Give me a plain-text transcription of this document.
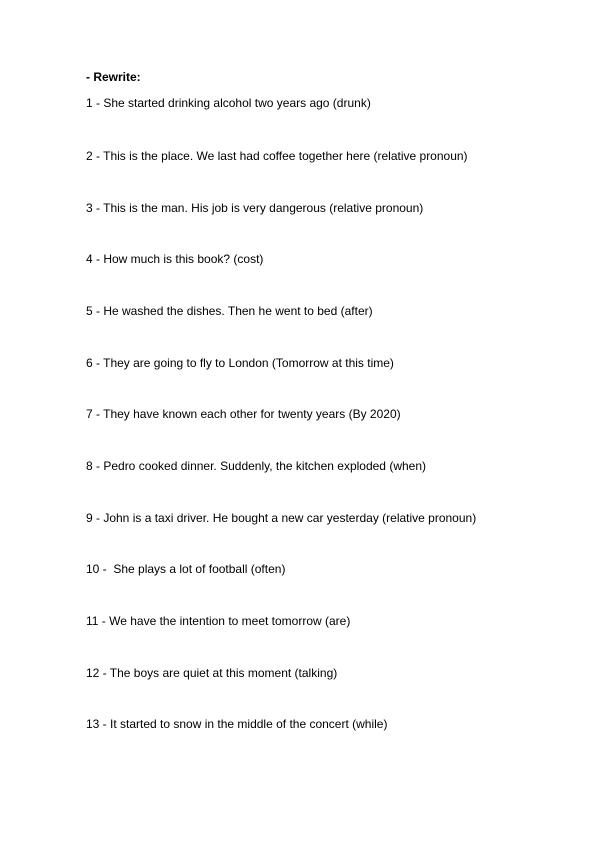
- Rewrite:
1 - She started drinking alcohol two years ago (drunk)
2 - This is the place. We last had coffee together here (relative pronoun)
3 - This is the man. His job is very dangerous (relative pronoun)
4 - How much is this book? (cost)
5 - He washed the dishes. Then he went to bed (after)
6 - They are going to fly to London (Tomorrow at this time)
7 - They have known each other for twenty years (By 2020)
8 - Pedro cooked dinner. Suddenly, the kitchen exploded (when)
9 - John is a taxi driver. He bought a new car yesterday (relative pronoun)
10 -  She plays a lot of football (often)
11 - We have the intention to meet tomorrow (are)
12 - The boys are quiet at this moment (talking)
13 - It started to snow in the middle of the concert (while)
